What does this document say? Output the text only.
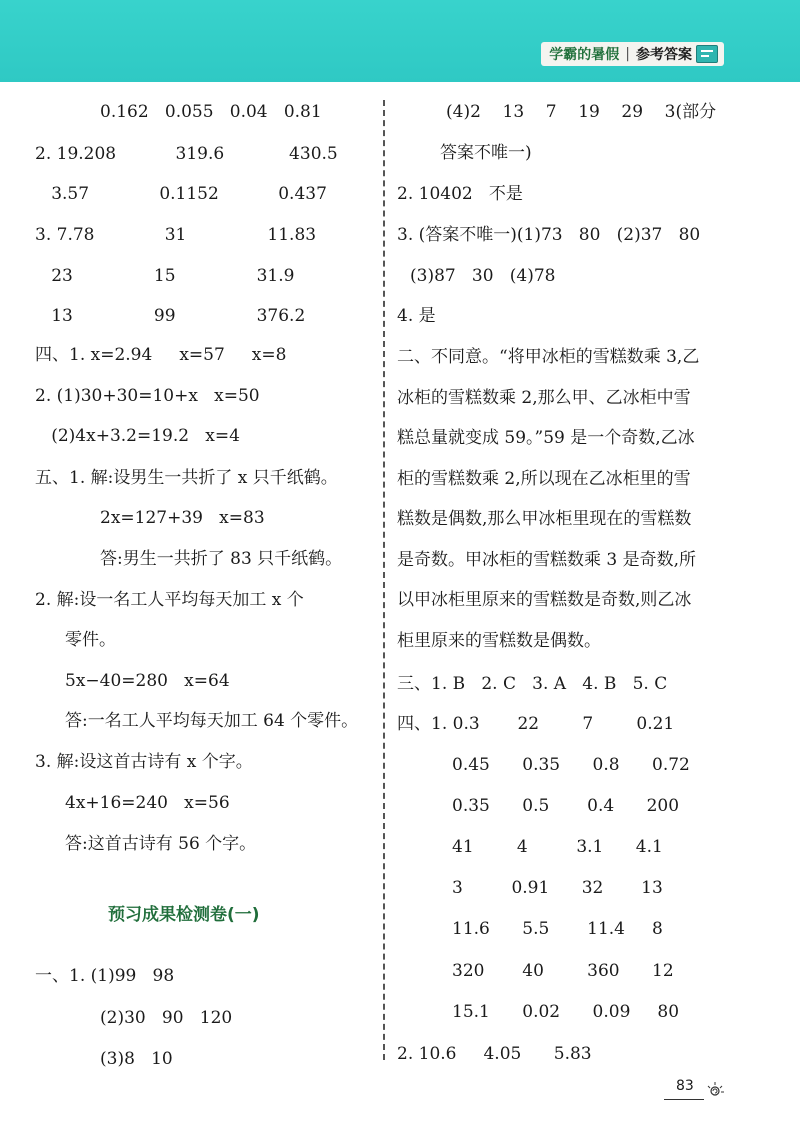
学霸的暑假 | 参考答案
0.162   0.055   0.04   0.81
2. 19.208           319.6            430.5
3.57             0.1152           0.437
3. 7.78             31               11.83
23               15               31.9
13               99               376.2
四、1. x=2.94     x=57     x=8
2. (1)30+30=10+x   x=50
(2)4x+3.2=19.2   x=4
五、1. 解:设男生一共折了 x 只千纸鹤。
2x=127+39   x=83
答:男生一共折了 83 只千纸鹤。
2. 解:设一名工人平均每天加工 x 个
零件。
5x−40=280   x=64
答:一名工人平均每天加工 64 个零件。
3. 解:设这首古诗有 x 个字。
4x+16=240   x=56
答:这首古诗有 56 个字。
预习成果检测卷(一)
一、1. (1)99   98
(2)30   90   120
(3)8   10
(4)2    13    7    19    29    3(部分
答案不唯一)
2. 10402   不是
3. (答案不唯一)(1)73   80   (2)37   80
(3)87   30   (4)78
4. 是
二、不同意。“将甲冰柜的雪糕数乘 3,乙
冰柜的雪糕数乘 2,那么甲、乙冰柜中雪
糕总量就变成 59。”59 是一个奇数,乙冰
柜的雪糕数乘 2,所以现在乙冰柜里的雪
糕数是偶数,那么甲冰柜里现在的雪糕数
是奇数。甲冰柜的雪糕数乘 3 是奇数,所
以甲冰柜里原来的雪糕数是奇数,则乙冰
柜里原来的雪糕数是偶数。
三、1. B   2. C   3. A   4. B   5. C
四、1. 0.3       22        7        0.21
0.45      0.35      0.8      0.72
0.35      0.5       0.4      200
41        4         3.1      4.1
3         0.91      32       13
11.6      5.5       11.4     8
320       40        360      12
15.1      0.02      0.09     80
2. 10.6     4.05      5.83
83
